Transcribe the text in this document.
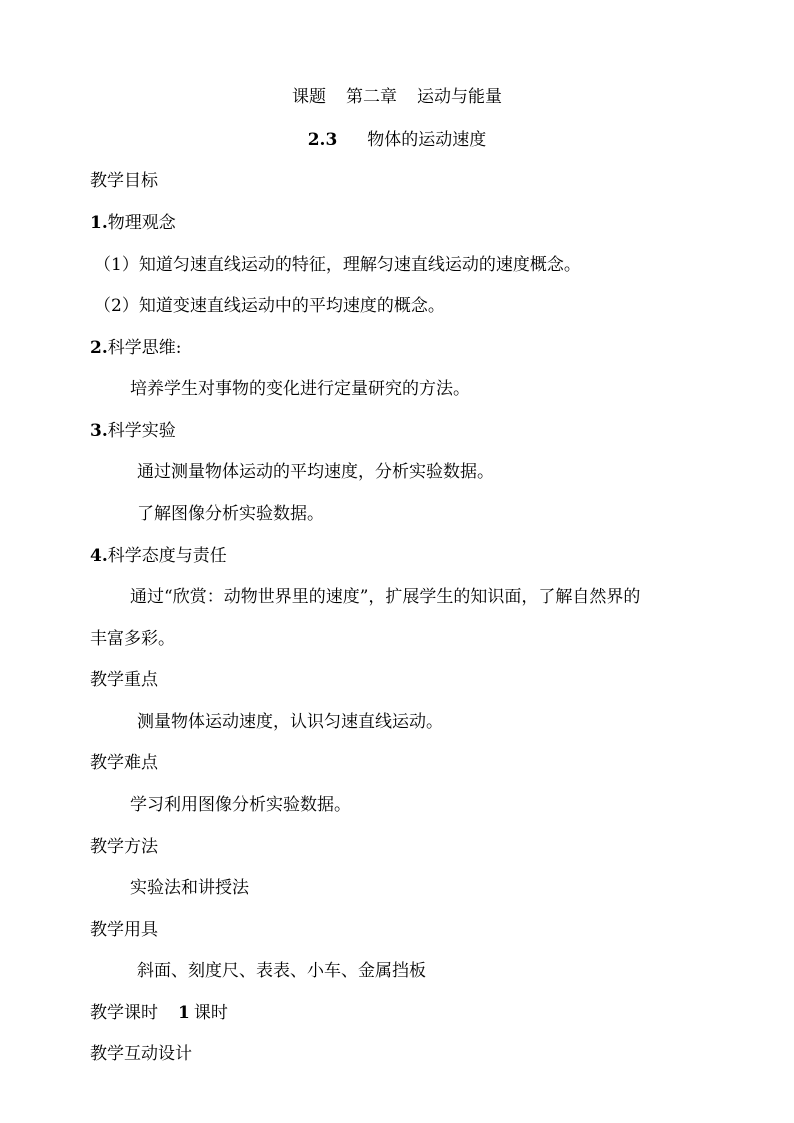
课题 第二章 运动与能量
2.3 物体的运动速度
教学目标
1.物理观念
（1）知道匀速直线运动的特征，理解匀速直线运动的速度概念。
（2）知道变速直线运动中的平均速度的概念。
2.科学思维:
培养学生对事物的变化进行定量研究的方法。
3.科学实验
通过测量物体运动的平均速度，分析实验数据。
了解图像分析实验数据。
4.科学态度与责任
通过“欣赏：动物世界里的速度”，扩展学生的知识面，了解自然界的
丰富多彩。
教学重点
测量物体运动速度，认识匀速直线运动。
教学难点
学习利用图像分析实验数据。
教学方法
实验法和讲授法
教学用具
斜面、刻度尺、表表、小车、金属挡板
教学课时 1 课时
教学互动设计
